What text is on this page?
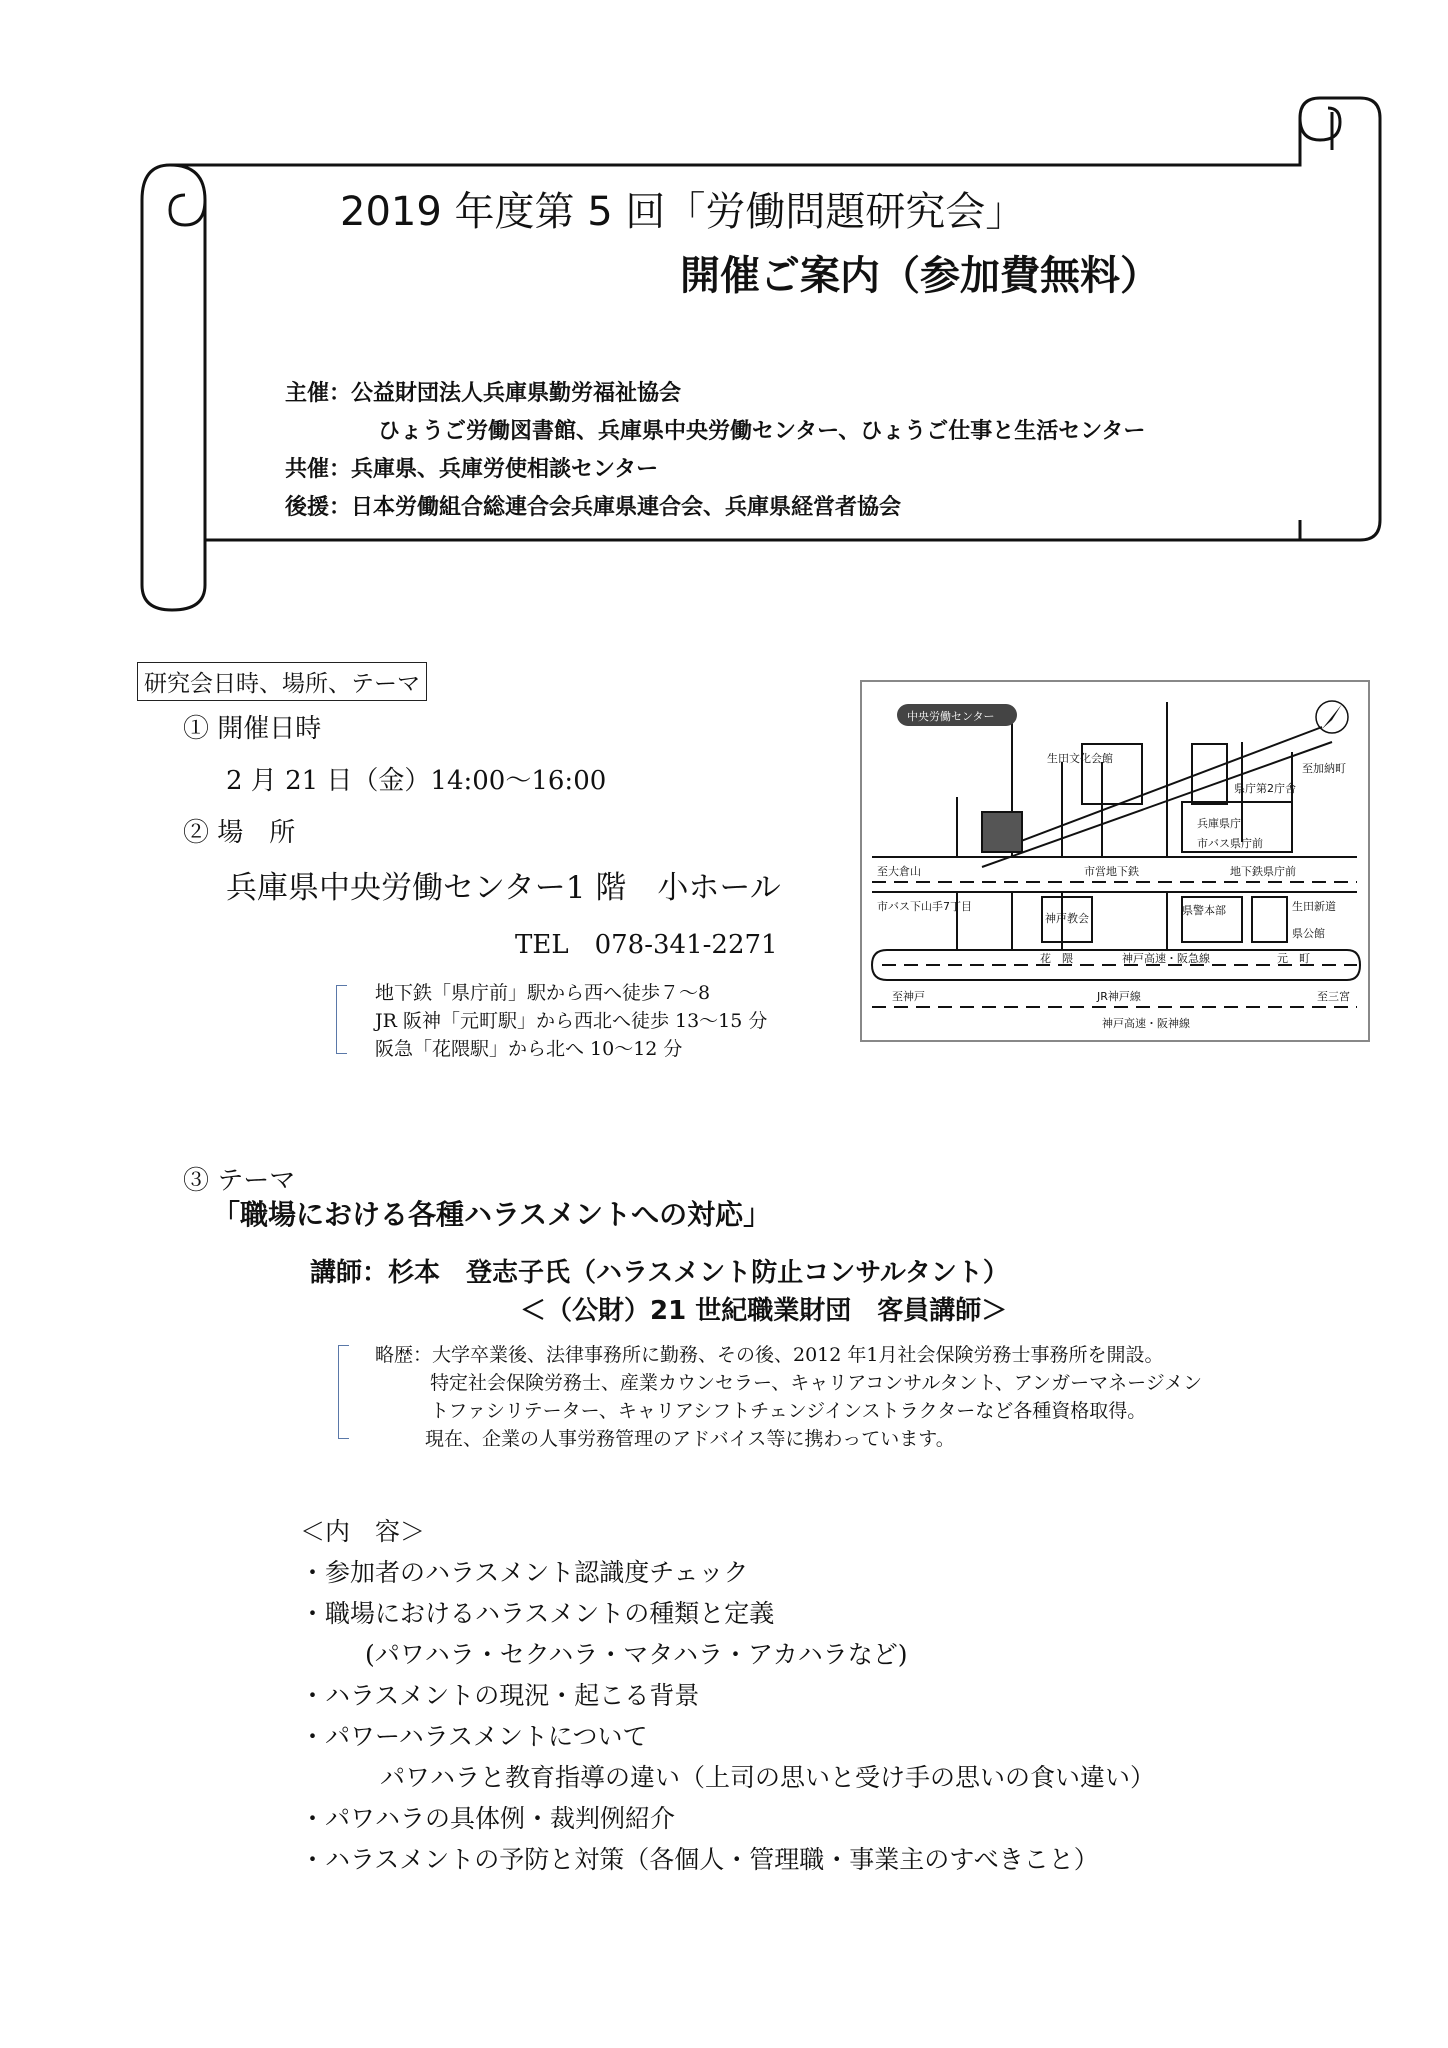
2019 年度第 5 回「労働問題研究会」
開催ご案内（参加費無料）
主催：公益財団法人兵庫県勤労福祉協会
ひょうご労働図書館、兵庫県中央労働センター、ひょうご仕事と生活センター
共催：兵庫県、兵庫労使相談センター
後援：日本労働組合総連合会兵庫県連合会、兵庫県経営者協会
研究会日時、場所、テーマ
① 開催日時
2 月 21 日（金）14:00～16:00
② 場　所
兵庫県中央労働センター1 階　小ホール
TEL　078-341-2271
地下鉄「県庁前」駅から西へ徒歩７～8
JR 阪神「元町駅」から西北へ徒歩 13～15 分
阪急「花隈駅」から北へ 10～12 分
中央労働センター
生田文化会館
県庁第2庁舎
兵庫県庁
市バス県庁前
至大倉山	市営地下鉄	地下鉄県庁前
市バス下山手7丁目
神戸教会
県警本部	生田新道
県公館
花　隈	神戸高速・阪急線	元　町
至神戸	JR神戸線	至三宮
神戸高速・阪神線
至加納町
③ テーマ
「職場における各種ハラスメントへの対応」
講師：杉本　登志子氏（ハラスメント防止コンサルタント）
＜（公財）21 世紀職業財団　客員講師＞
略歴：大学卒業後、法律事務所に勤務、その後、2012 年1月社会保険労務士事務所を開設。
特定社会保険労務士、産業カウンセラー、キャリアコンサルタント、アンガーマネージメン
トファシリテーター、キャリアシフトチェンジインストラクターなど各種資格取得。
現在、企業の人事労務管理のアドバイス等に携わっています。
＜内　容＞
・参加者のハラスメント認識度チェック
・職場におけるハラスメントの種類と定義
(パワハラ・セクハラ・マタハラ・アカハラなど)
・ハラスメントの現況・起こる背景
・パワーハラスメントについて
パワハラと教育指導の違い（上司の思いと受け手の思いの食い違い）
・パワハラの具体例・裁判例紹介
・ハラスメントの予防と対策（各個人・管理職・事業主のすべきこと）
